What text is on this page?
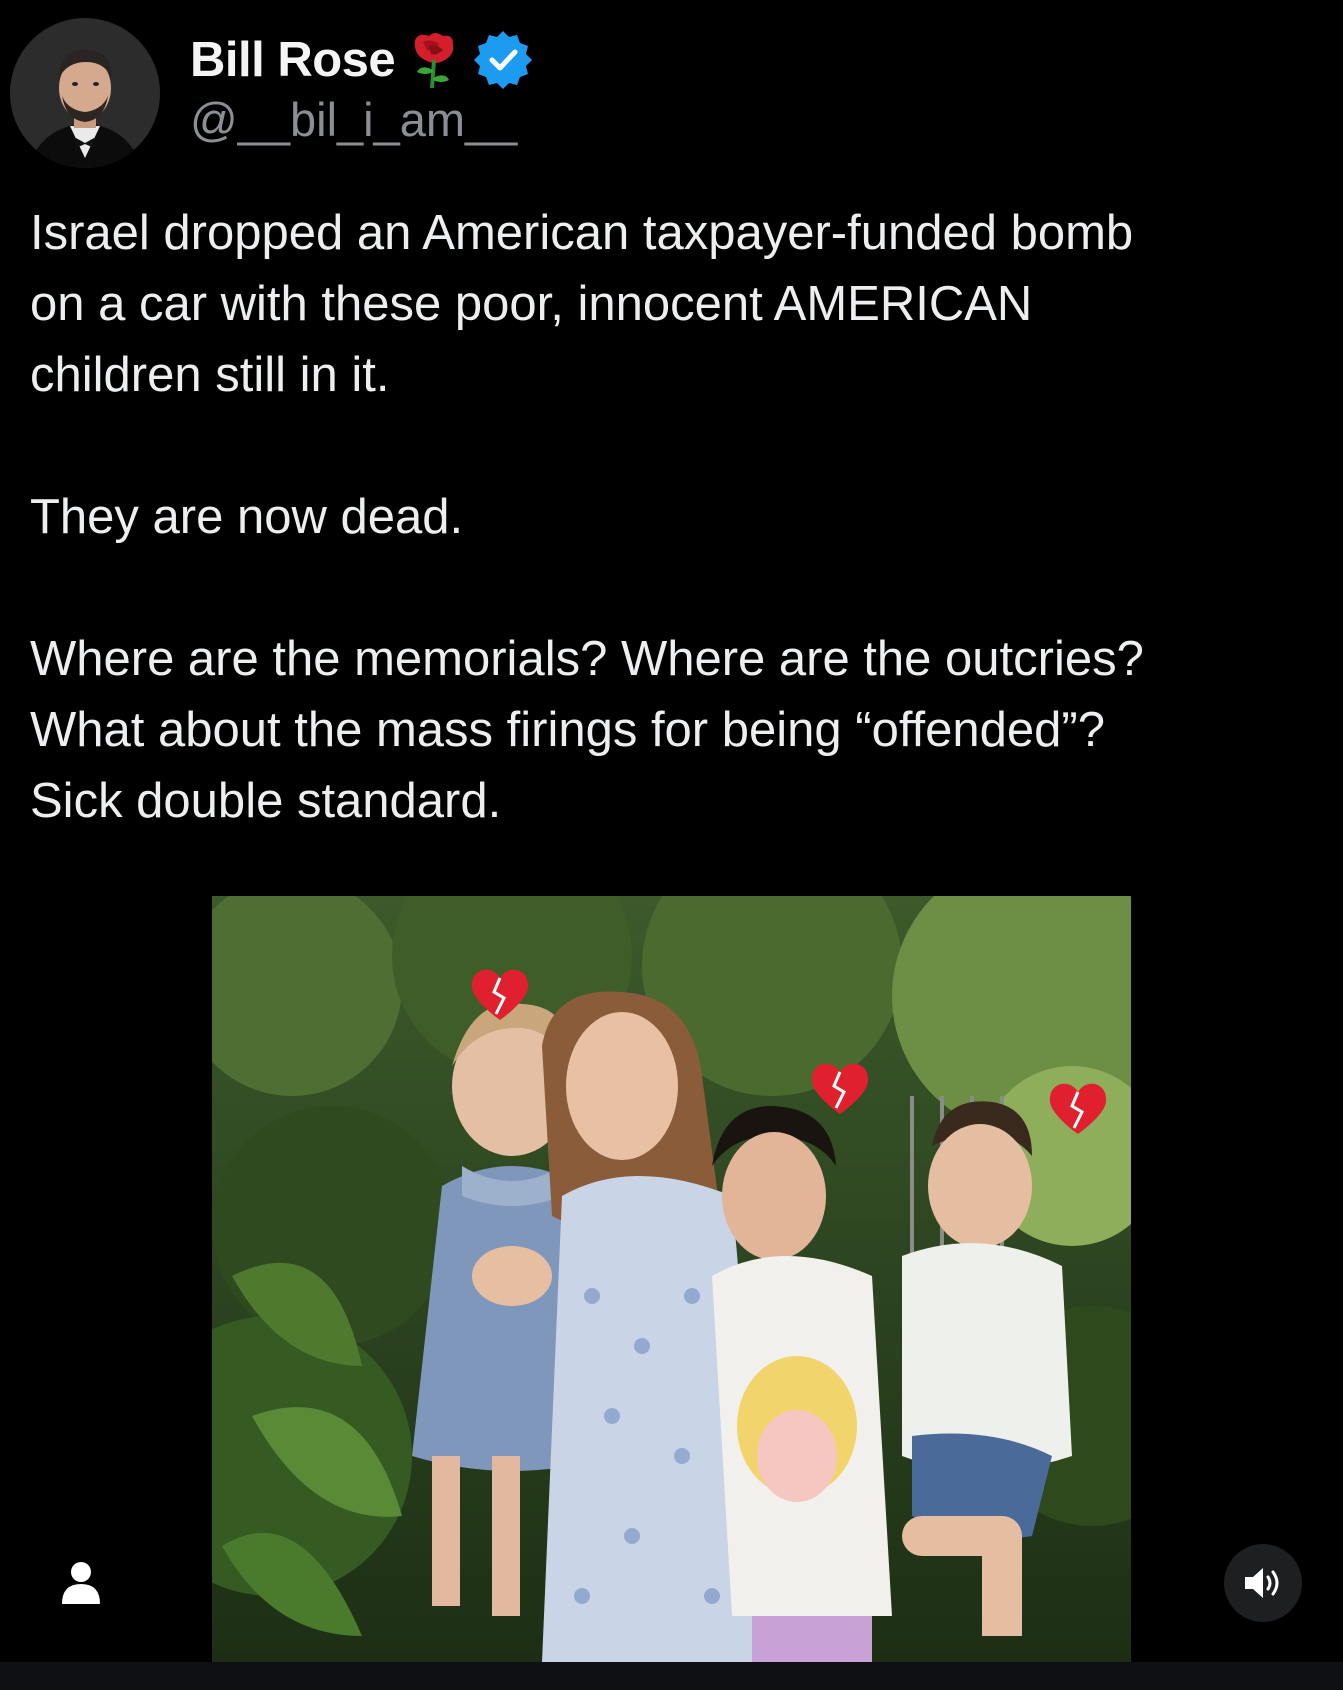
Bill Rose
@__bil_i_am__

Israel dropped an American taxpayer-funded bomb
on a car with these poor, innocent AMERICAN
children still in it.

They are now dead.

Where are the memorials? Where are the outcries?
What about the mass firings for being “offended”?
Sick double standard.
